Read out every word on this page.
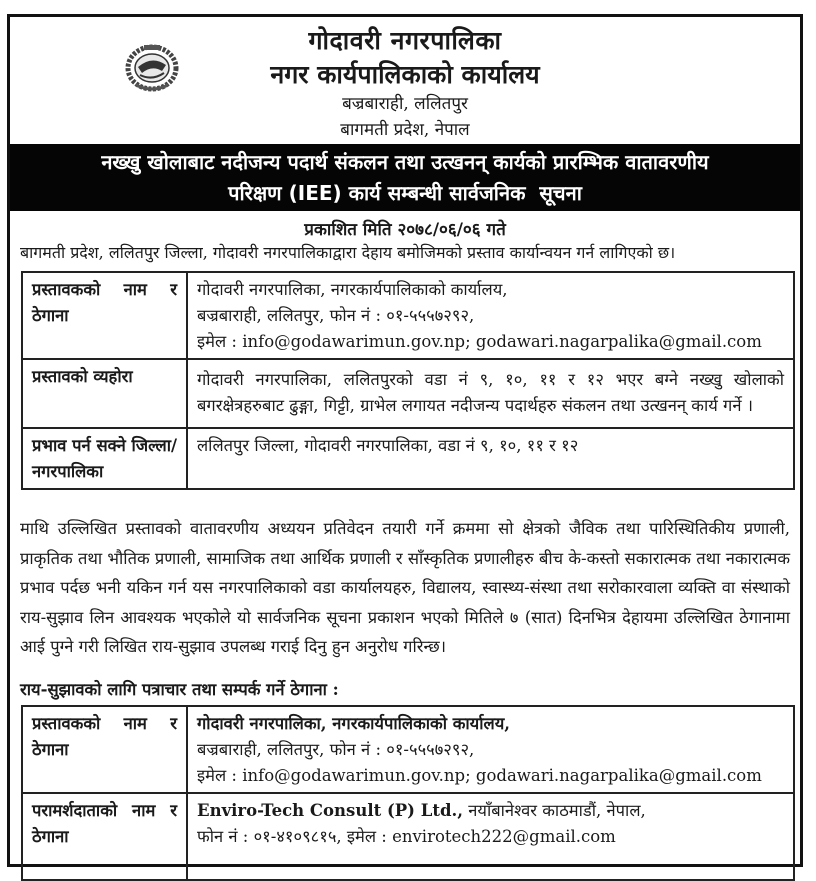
गोदावरी नगरपालिका
नगर कार्यपालिकाको कार्यालय
बज्रबाराही, ललितपुर
बागमती प्रदेश, नेपाल
नख्खु खोलाबाट नदीजन्य पदार्थ संकलन तथा उत्खनन् कार्यको प्रारम्भिक वातावरणीय
परिक्षण (IEE) कार्य सम्बन्धी सार्वजनिक  सूचना
प्रकाशित मिति २०७८/०६/०६ गते
बागमती प्रदेश, ललितपुर जिल्ला, गोदावरी नगरपालिकाद्वारा देहाय बमोजिमको प्रस्ताव कार्यान्वयन गर्न लागिएको छ।
प्रस्तावकको नाम र ठेगाना	गोदावरी नगरपालिका, नगरकार्यपालिकाको कार्यालय,
बज्रबाराही, ललितपुर, फोन नं : ०१-५५५७२९२,
इमेल : info@godawarimun.gov.np; godawari.nagarpalika@gmail.com

प्रस्तावको व्यहोरा	गोदावरी नगरपालिका, ललितपुरको वडा नं ९, १०, ११ र १२ भएर बग्ने नख्खु खोलाको बगरक्षेत्रहरुबाट ढुङ्गा, गिट्टी, ग्राभेल लगायत नदीजन्य पदार्थहरु संकलन तथा उत्खनन् कार्य गर्ने ।

प्रभाव पर्न सक्ने जिल्ला/नगरपालिका	ललितपुर जिल्ला, गोदावरी नगरपालिका, वडा नं ९, १०, ११ र १२
माथि उल्लिखित प्रस्तावको वातावरणीय अध्ययन प्रतिवेदन तयारी गर्ने क्रममा सो क्षेत्रको जैविक तथा पारिस्थितिकीय प्रणाली, प्राकृतिक तथा भौतिक प्रणाली, सामाजिक तथा आर्थिक प्रणाली र साँस्कृतिक प्रणालीहरु बीच के-कस्तो सकारात्मक तथा नकारात्मक प्रभाव पर्दछ भनी यकिन गर्न यस नगरपालिकाको वडा कार्यालयहरु, विद्यालय, स्वास्थ्य-संस्था तथा सरोकारवाला व्यक्ति वा संस्थाको राय-सुझाव लिन आवश्यक भएकोले यो सार्वजनिक सूचना प्रकाशन भएको मितिले ७ (सात) दिनभित्र देहायमा उल्लिखित ठेगानामा आई पुग्ने गरी लिखित राय-सुझाव उपलब्ध गराई दिनु हुन अनुरोध गरिन्छ।
राय-सुझावको लागि पत्राचार तथा सम्पर्क गर्ने ठेगाना :
प्रस्तावकको नाम र ठेगाना	गोदावरी नगरपालिका, नगरकार्यपालिकाको कार्यालय,
बज्रबाराही, ललितपुर, फोन नं : ०१-५५५७२९२,
इमेल : info@godawarimun.gov.np; godawari.nagarpalika@gmail.com

परामर्शदाताको नाम र ठेगाना	Enviro-Tech Consult (P) Ltd., नयाँबानेश्वर काठमाडौं, नेपाल,
फोन नं : ०१-४१०९८१५, इमेल : envirotech222@gmail.com
